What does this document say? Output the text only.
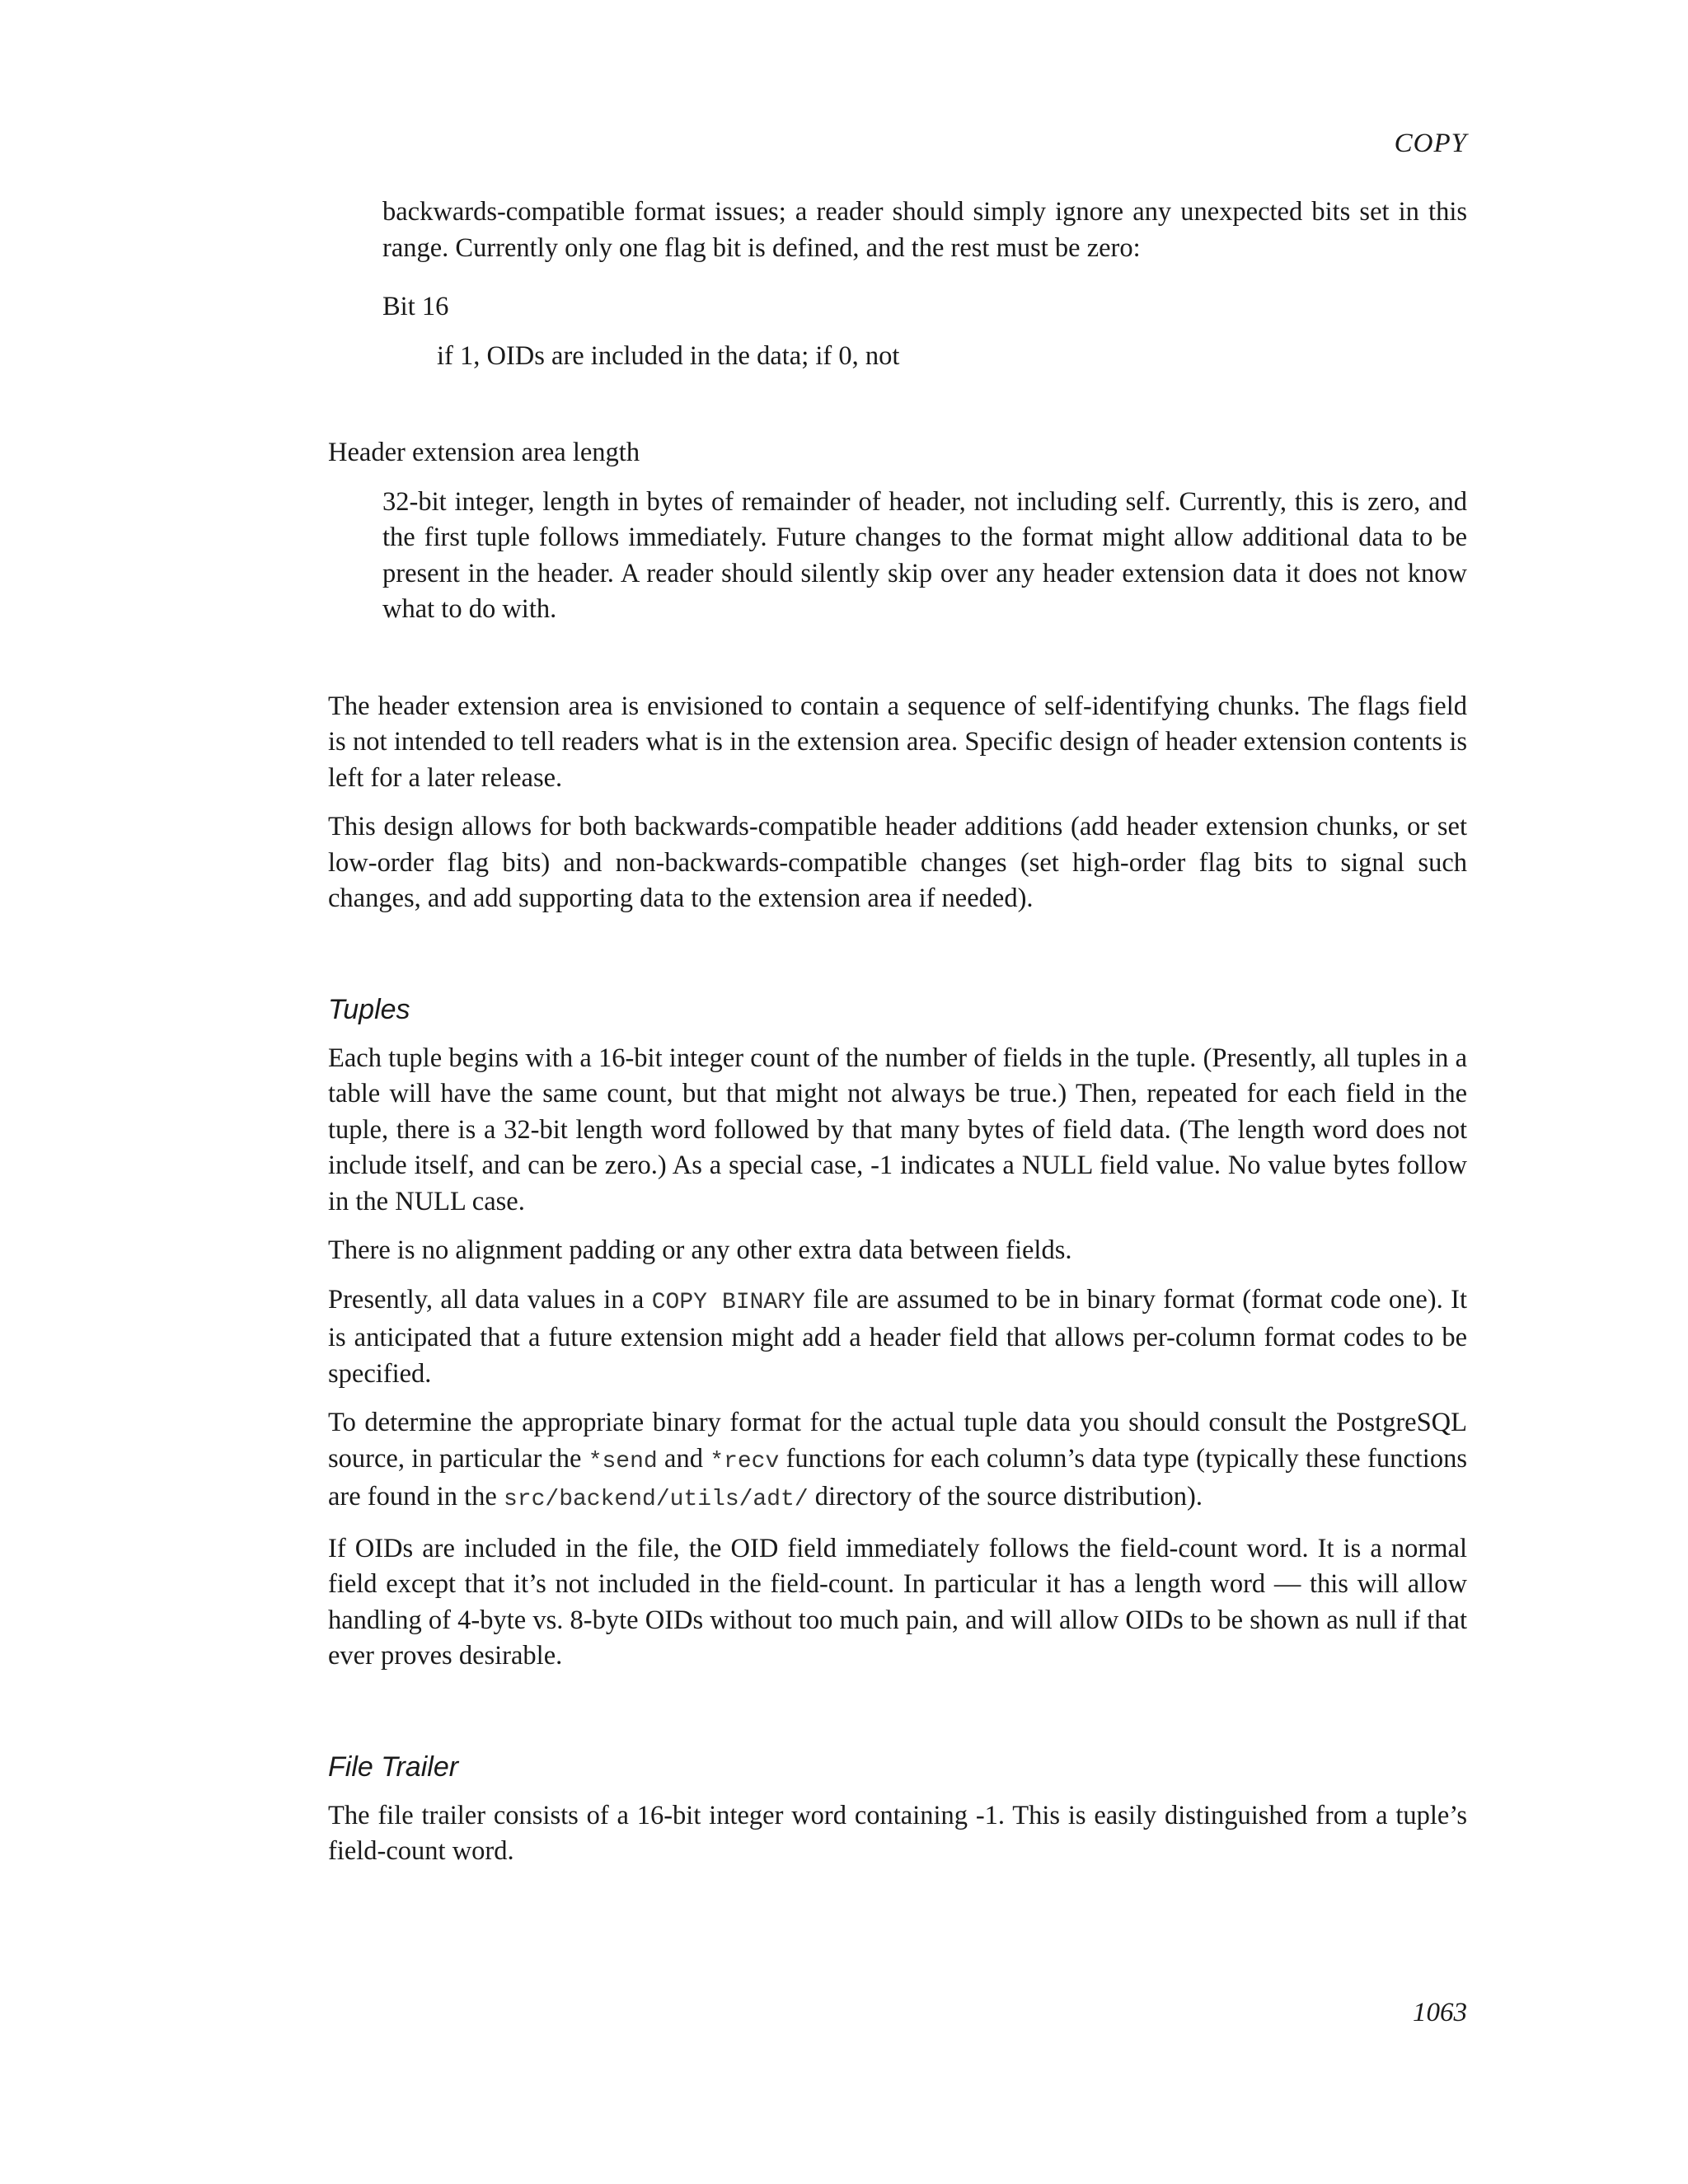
COPY

backwards-compatible format issues; a reader should simply ignore any unexpected bits set in this range. Currently only one flag bit is defined, and the rest must be zero:

Bit 16

if 1, OIDs are included in the data; if 0, not

Header extension area length

32-bit integer, length in bytes of remainder of header, not including self. Currently, this is zero, and the first tuple follows immediately. Future changes to the format might allow additional data to be present in the header. A reader should silently skip over any header extension data it does not know what to do with.

The header extension area is envisioned to contain a sequence of self-identifying chunks. The flags field is not intended to tell readers what is in the extension area. Specific design of header extension contents is left for a later release.

This design allows for both backwards-compatible header additions (add header extension chunks, or set low-order flag bits) and non-backwards-compatible changes (set high-order flag bits to signal such changes, and add supporting data to the extension area if needed).

Tuples

Each tuple begins with a 16-bit integer count of the number of fields in the tuple. (Presently, all tuples in a table will have the same count, but that might not always be true.) Then, repeated for each field in the tuple, there is a 32-bit length word followed by that many bytes of field data. (The length word does not include itself, and can be zero.) As a special case, -1 indicates a NULL field value. No value bytes follow in the NULL case.

There is no alignment padding or any other extra data between fields.

Presently, all data values in a COPY BINARY file are assumed to be in binary format (format code one). It is anticipated that a future extension might add a header field that allows per-column format codes to be specified.

To determine the appropriate binary format for the actual tuple data you should consult the PostgreSQL source, in particular the *send and *recv functions for each column’s data type (typically these functions are found in the src/backend/utils/adt/ directory of the source distribution).

If OIDs are included in the file, the OID field immediately follows the field-count word. It is a normal field except that it’s not included in the field-count. In particular it has a length word — this will allow handling of 4-byte vs. 8-byte OIDs without too much pain, and will allow OIDs to be shown as null if that ever proves desirable.

File Trailer

The file trailer consists of a 16-bit integer word containing -1. This is easily distinguished from a tuple’s field-count word.

1063
